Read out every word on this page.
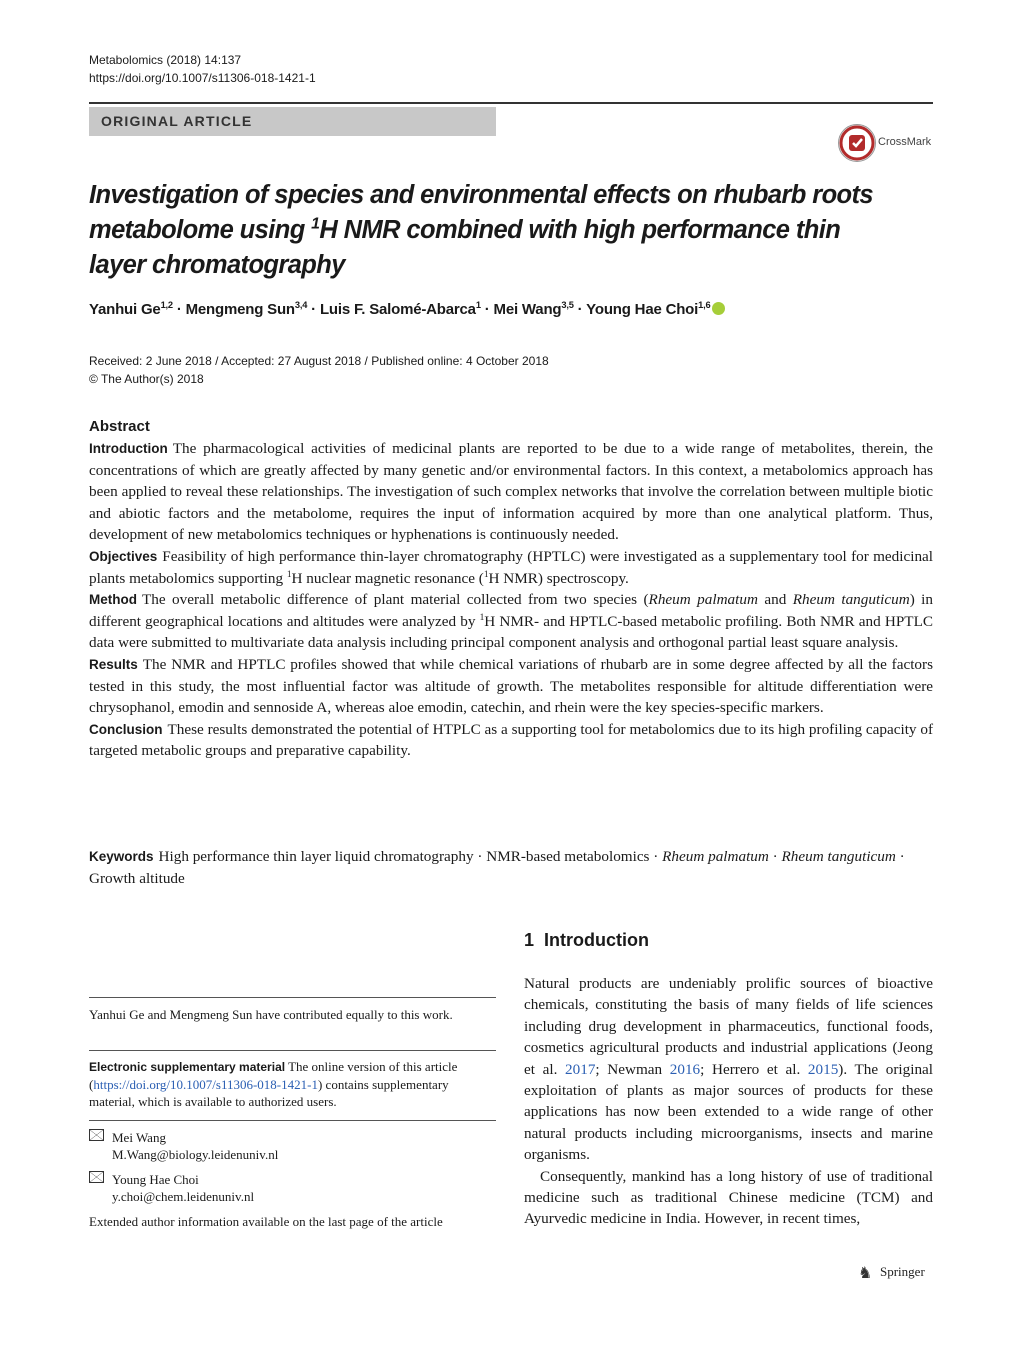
Metabolomics (2018) 14:137
https://doi.org/10.1007/s11306-018-1421-1
ORIGINAL ARTICLE
CrossMark
Investigation of species and environmental effects on rhubarb roots metabolome using $^1$H NMR combined with high performance thin layer chromatography
Yanhui Ge$^{1,2}$ · Mengmeng Sun$^{3,4}$ · Luis F. Salomé-Abarca$^1$ · Mei Wang$^{3,5}$ · Young Hae Choi$^{1,6}$
Received: 2 June 2018 / Accepted: 27 August 2018 / Published online: 4 October 2018
© The Author(s) 2018
Abstract

Introduction The pharmacological activities of medicinal plants are reported to be due to a wide range of metabolites, therein, the concentrations of which are greatly affected by many genetic and/or environmental factors. In this context, a metabolomics approach has been applied to reveal these relationships. The investigation of such complex networks that involve the correlation between multiple biotic and abiotic factors and the metabolome, requires the input of information acquired by more than one analytical platform. Thus, development of new metabolomics techniques or hyphenations is continuously needed.

Objectives Feasibility of high performance thin-layer chromatography (HPTLC) were investigated as a supplementary tool for medicinal plants metabolomics supporting $^1$H nuclear magnetic resonance ($^1$H NMR) spectroscopy.

Method The overall metabolic difference of plant material collected from two species (Rheum palmatum and Rheum tanguticum) in different geographical locations and altitudes were analyzed by $^1$H NMR- and HPTLC-based metabolic profiling. Both NMR and HPTLC data were submitted to multivariate data analysis including principal component analysis and orthogonal partial least square analysis.

Results The NMR and HPTLC profiles showed that while chemical variations of rhubarb are in some degree affected by all the factors tested in this study, the most influential factor was altitude of growth. The metabolites responsible for altitude differentiation were chrysophanol, emodin and sennoside A, whereas aloe emodin, catechin, and rhein were the key species-specific markers.

Conclusion These results demonstrated the potential of HTPLC as a supporting tool for metabolomics due to its high profiling capacity of targeted metabolic groups and preparative capability.

Keywords High performance thin layer liquid chromatography · NMR-based metabolomics · Rheum palmatum · Rheum tanguticum · Growth altitude
Yanhui Ge and Mengmeng Sun have contributed equally to this work.
Electronic supplementary material The online version of this article (https://doi.org/10.1007/s11306-018-1421-1) contains supplementary material, which is available to authorized users.
Mei Wang
M.Wang@biology.leidenuniv.nl
Young Hae Choi
y.choi@chem.leidenuniv.nl
Extended author information available on the last page of the article
1 Introduction

Natural products are undeniably prolific sources of bioactive chemicals, constituting the basis of many fields of life sciences including drug development in pharmaceutics, functional foods, cosmetics agricultural products and industrial applications (Jeong et al. 2017; Newman 2016; Herrero et al. 2015). The original exploitation of plants as major sources of products for these applications has now been extended to a wide range of other natural products including microorganisms, insects and marine organisms.

Consequently, mankind has a long history of use of traditional medicine such as traditional Chinese medicine (TCM) and Ayurvedic medicine in India. However, in recent times,

♞ Springer
